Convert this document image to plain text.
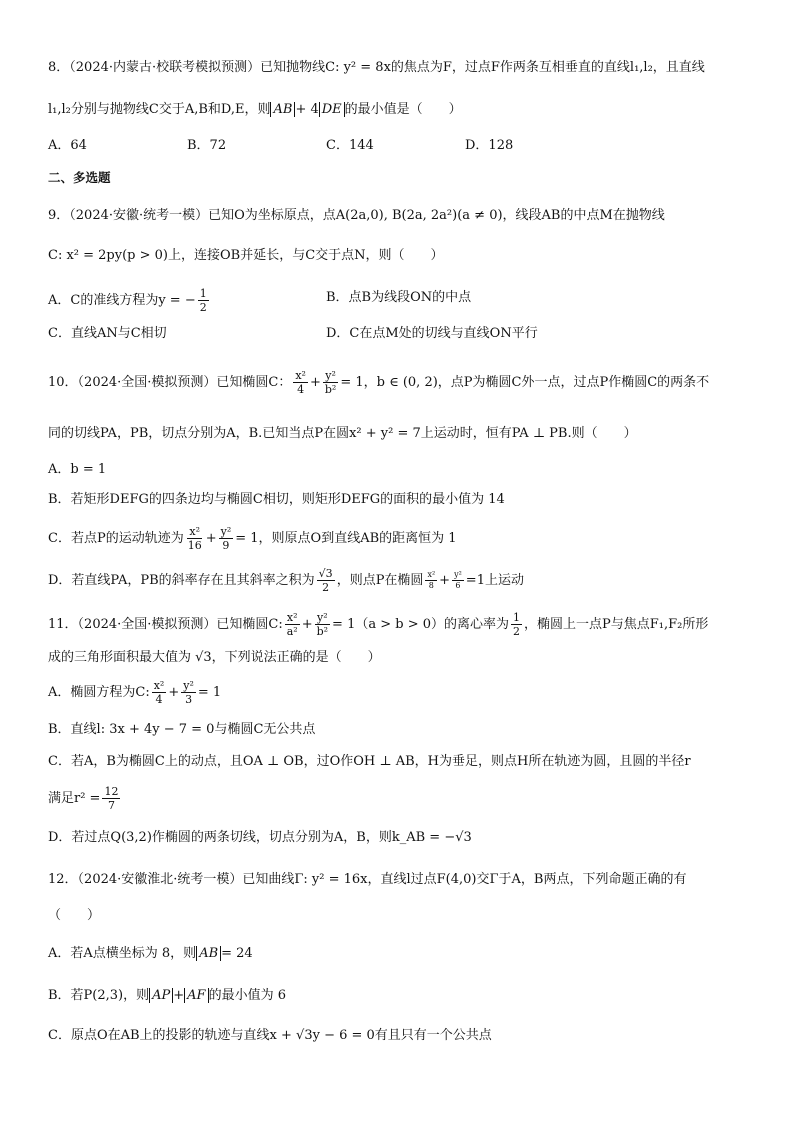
8．（2024·内蒙古·校联考模拟预测）已知抛物线C: y² = 8x的焦点为F，过点F作两条互相垂直的直线l₁,l₂，且直线
l₁,l₂分别与抛物线C交于A,B和D,E，则 AB + 4 DE 的最小值是（　　）
A．64	B．72	C．144	D．128
二、多选题
9．（2024·安徽·统考一模）已知O为坐标原点，点A(2a,0), B(2a, 2a²)(a ≠ 0)，线段AB的中点M在抛物线
C: x² = 2py(p > 0)上，连接OB并延长，与C交于点N，则（　　）
A．C的准线方程为y = − $\frac{1}{2}$	B．点B为线段ON的中点
C．直线AN与C相切	D．C在点M处的切线与直线ON平行
10．（2024·全国·模拟预测）已知椭圆C： $\frac{\text{x²}}{4} + \frac{\text{y²}}{\text{b²}} = 1$，b ∈ (0, 2)，点P为椭圆C外一点，过点P作椭圆C的两条不
同的切线PA，PB，切点分别为A，B.已知当点P在圆x² + y² = 7上运动时，恒有PA ⊥ PB.则（　　）
A．b = 1
B．若矩形DEFG的四条边均与椭圆C相切，则矩形DEFG的面积的最小值为 14
C．若点P的运动轨迹为 $\frac{\text{x²}}{16} + \frac{\text{y²}}{9} = 1$，则原点O到直线AB的距离恒为 1
D．若直线PA，PB的斜率存在且其斜率之积为 $\frac{√3}{2}$ ，则点P在椭圆 $\frac{\text{x²}}{8} + \frac{\text{y²}}{6} =1$上运动
11．（2024·全国·模拟预测）已知椭圆C: $\frac{\text{x²}}{\text{a²}} + \frac{\text{y²}}{\text{b²}} = 1(a > b > 0)$的离心率为 $\frac{1}{2}$ ，椭圆上一点P与焦点F₁,F₂所形
成的三角形面积最大值为 √3，下列说法正确的是（　　）
A．椭圆方程为C: $\frac{\text{x²}}{4} + \frac{\text{y²}}{3} = 1$
B．直线l: 3x + 4y − 7 = 0与椭圆C无公共点
C．若A，B为椭圆C上的动点，且OA ⊥ OB，过O作OH ⊥ AB，H为垂足，则点H所在轨迹为圆，且圆的半径r
满足$r^2 = \frac{12}{7}$
D．若过点Q(3,2)作椭圆的两条切线，切点分别为A，B，则k_AB = −√3
12．（2024·安徽淮北·统考一模）已知曲线Γ: y² = 16x，直线l过点F(4,0)交Γ于A，B两点，下列命题正确的有
（　　）
A．若A点横坐标为 8，则 AB = 24
B．若P(2,3)，则 AP + AF 的最小值为 6
C．原点O在AB上的投影的轨迹与直线x + √3y − 6 = 0有且只有一个公共点
